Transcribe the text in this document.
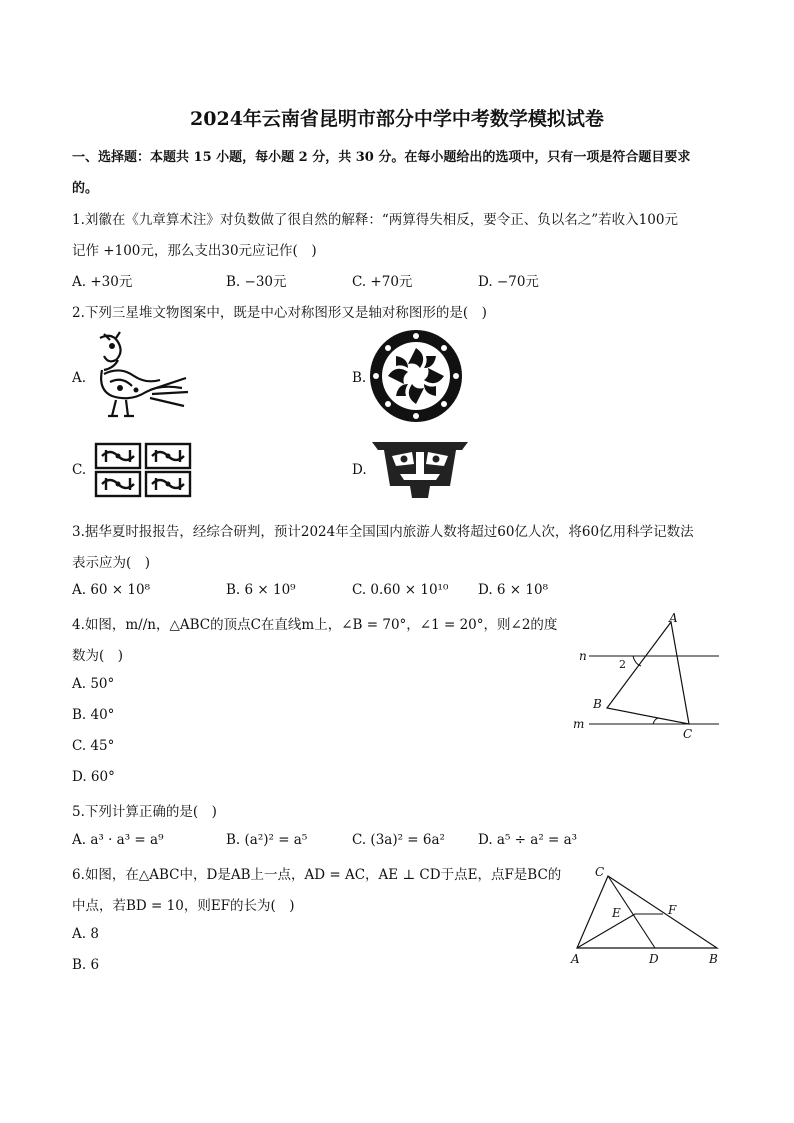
2024年云南省昆明市部分中学中考数学模拟试卷
一、选择题：本题共 15 小题，每小题 2 分，共 30 分。在每小题给出的选项中，只有一项是符合题目要求
的。
1.刘徽在《九章算术注》对负数做了很自然的解释：“两算得失相反，要令正、负以名之”若收入100元
记作 +100元，那么支出30元应记作(　)
A. +30元	B. −30元	C. +70元	D. −70元
2.下列三星堆文物图案中，既是中心对称图形又是轴对称图形的是(　)
A.	B.
C.	D.
3.据华夏时报报告，经综合研判，预计2024年全国国内旅游人数将超过60亿人次，将60亿用科学记数法
表示应为(　)
A. 60 × 10⁸	B. 6 × 10⁹	C. 0.60 × 10¹⁰ D. 6 × 10⁸
4.如图，m//n，△ABC的顶点C在直线m上，∠B = 70°，∠1 = 20°，则∠2的度
数为(　)
A. 50°
B. 40°
C. 45°
D. 60°
A
B
C
n
m
2
5.下列计算正确的是(　)
A. a³ · a³ = a⁹	B. (a²)² = a⁵	C. (3a)² = 6a² D. a⁵ ÷ a² = a³
6.如图，在△ABC中，D是AB上一点，AD = AC，AE ⊥ CD于点E，点F是BC的
中点，若BD = 10，则EF的长为(　)
A. 8
B. 6
C
E	F
A	D	B
